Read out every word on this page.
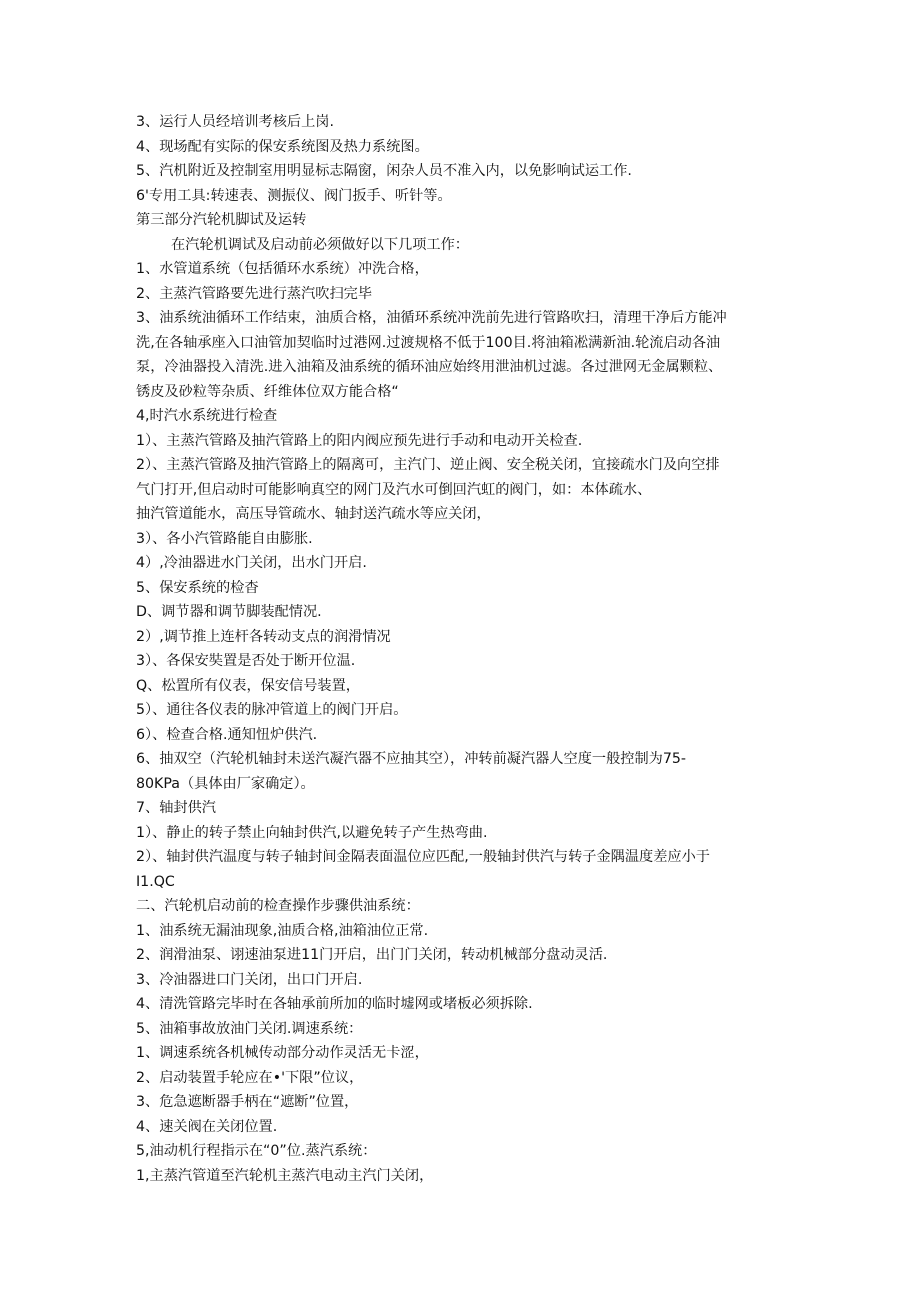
3、运行人员经培训考核后上岗.
4、现场配有实际的保安系统图及热力系统图。
5、汽机附近及控制室用明显标志隔窗，闲杂人员不准入内，以免影响试运工作.
6'专用工具:转速表、测振仪、阀门扳手、听针等。
第三部分汽轮机脚试及运转
在汽轮机调试及启动前必须做好以下几项工作：
1、水管道系统（包括循环水系统）冲洗合格，
2、主蒸汽管路要先进行蒸汽吹扫完毕
3、油系统油循环工作结束，油质合格，油循环系统冲洗前先进行管路吹扫，清理干净后方能冲
洗,在各轴承座入口油管加契临时过港网.过渡规格不低于100目.将油箱凇满新油.轮流启动各油
泵，冷油器投入清洗.进入油箱及油系统的循环油应始终用泄油机过滤。各过泄网无金属颗粒、
锈皮及砂粒等杂质、纤维体位双方能合格“
4,时汽水系统进行检查
1）、主蒸汽管路及抽汽管路上的阳内阀应预先进行手动和电动开关检查.
2）、主蒸汽管路及抽汽管路上的隔离可，主汽门、逆止阀、安全税关闭，宜接疏水门及向空排
气门打开,但启动时可能影响真空的网门及汽水可倒回汽虹的阀门，如：本体疏水、
抽汽管道能水，高压导管疏水、轴封送汽疏水等应关闭，
3）、各小汽管路能自由膨胀.
4）,冷油器进水门关闭，出水门开启.
5、保安系统的检杳
D、调节器和调节脚装配情况.
2）,调节推上连杆各转动支点的润滑情况
3）、各保安奘置是否处于断开位温.
Q、松置所有仪表，保安信号装置，
5）、通往各仪表的脉冲管道上的阀门开启。
6）、检查合格.通知忸炉供汽.
6、抽双空（汽轮机轴封未送汽凝汽器不应抽其空），冲转前凝汽器人空度一般控制为75-
80KPa（具体由厂家确定）。
7、轴封供汽
1）、静止的转子禁止向轴封供汽,以避免转子产生热弯曲.
2）、轴封供汽温度与转子轴封间金隔表面温位应匹配,一般轴封供汽与转子金隅温度差应小于
I1.QC
二、汽轮机启动前的检查操作步骤供油系统：
1、油系统无漏油现象,油质合格,油箱油位正常.
2、润滑油泵、诩速油泵进11门开启，出门门关闭，转动机械部分盘动灵活.
3、冷油器进口门关闭，出口门开启.
4、清洗管路完毕时在各轴承前所加的临时墟网或堵板必须拆除.
5、油箱事故放油门关闭.调速系统：
1、调速系统各机械传动部分动作灵活无卡涩，
2、启动装置手轮应在•'下限”位议，
3、危急遮断器手柄在“遮断”位置，
4、速关阀在关闭位置.
5,油动机行程指示在“0”位.蒸汽系统：
1,主蒸汽管道至汽轮机主蒸汽电动主汽门关闭，
